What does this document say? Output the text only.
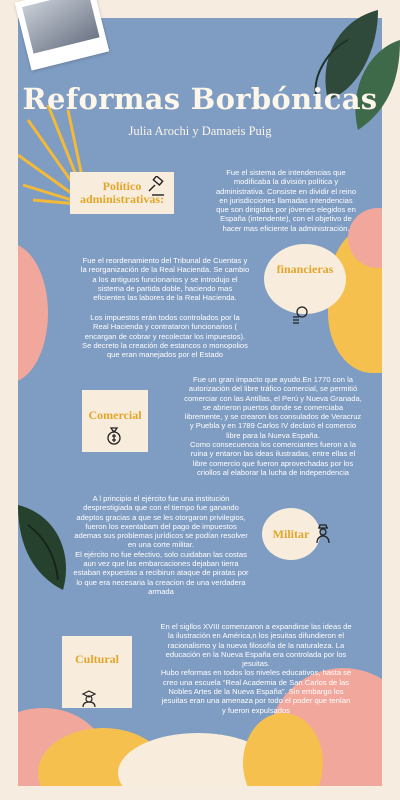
Reformas Borbónicas
Julia Arochi y Damaeis Puig
Político
administrativas:
Fue el sistema de intendencias que
modificaba la división política y
administrativa. Consiste en dividir el reino
en jurisdicciones llamadas intendencias
que son dirigidas por jóvenes elegidos en
España (intendente), con el objetivo de
hacer mas eficiente la administración.
Fue el reordenamiento del Tribunal de Cuentas y
la reorganización de la Real Hacienda. Se cambio
a los antiguos funcionarios y se introdujo el
sistema de partida doble, haciendo mas
eficientes las labores de la Real Hacienda.
Los impuestos erán todos controlados por la
Real Hacienda y contrataron funcionarios (
encargan de cobrar y recolectar los impuestos).
Se decreto la creación de estancos o monopolios
que eran manejados por el Estado
financieras
Comercial
Fue un gran impacto que ayudo.En 1770 con la
autorización del libre tráfico comercial, se permitió
comerciar con las Antillas, el Perú y Nueva Granada,
se abrieron puertos donde se comerciaba
libremente, y se crearon los consulados de Veracruz
y Puebla y en 1789 Carlos IV declaró el comercio
libre para la Nueva España.
Como consecuencia los comerciantes fueron a la
ruina y entaron las ideas ilustradas, entre ellas el
libre comercio que fueron aprovechadas por los
criollos al elaborar la lucha de independencia
A l principio el ejército fue una institución
desprestigiada que con el tiempo fue ganando
adeptos gracias a que se les otorgaron privilegios,
fueron los exentabam del pago de impuestos
ademas sus problemas jurídicos se podían resolver
en una corte militar.
El ejército no fue efectivo, solo cuidaban las costas
aun vez que las embarcaciones dejaban tierra
estaban expuestas a recibirun ataque de piratas por
lo que era necesaria la creacion de una verdadera
armada
Militar
Cultural
En el sigllos XVIII comenzaron a expandirse las ideas de
la ilustración en América,n los jesuitas difundieron el
racionalismo y la nueva filosofía de la naturaleza. La
educación en la Nueva España era controlada por los
jesuitas.
Hubo reformas en todos los niveles educativos, hasta se
creo una escuela “Real Academia de San Carlos de las
Nobles Artes de la Nueva España”. Sin embargo los
jesuitas eran una amenaza por todo el poder que tenían
y fueron expulsados
